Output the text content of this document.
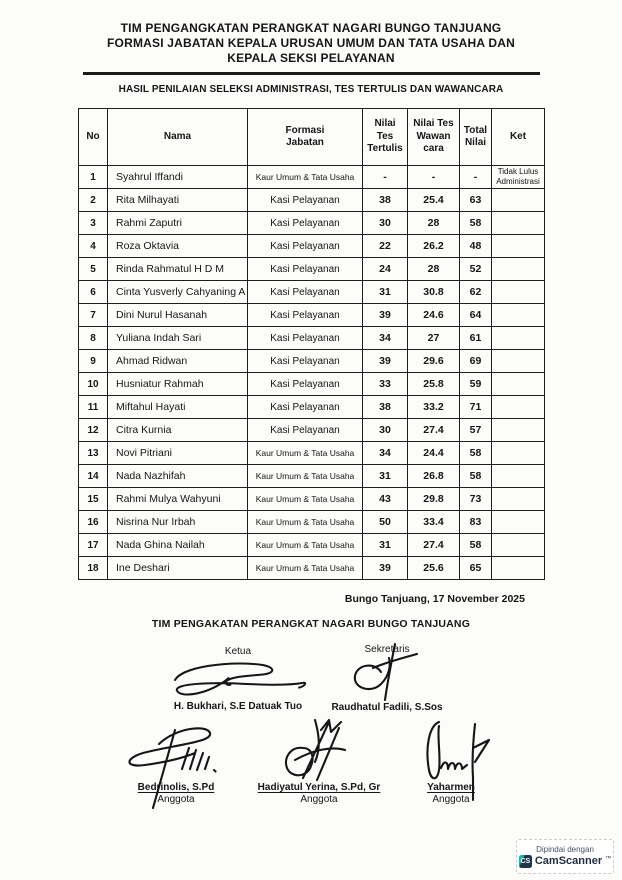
TIM PENGANGKATAN PERANGKAT NAGARI BUNGO TANJUANG
FORMASI JABATAN KEPALA URUSAN UMUM DAN TATA USAHA DAN
KEPALA SEKSI PELAYANAN
HASIL PENILAIAN SELEKSI ADMINISTRASI, TES TERTULIS DAN WAWANCARA
No	Nama	Formasi Jabatan	Nilai Tes Tertulis	Nilai Tes Wawan cara	Total Nilai	Ket
1	Syahrul Iffandi	Kaur Umum & Tata Usaha	-	-	-	Tidak Lulus Administrasi
2	Rita Milhayati	Kasi Pelayanan	38	25.4	63	
3	Rahmi Zaputri	Kasi Pelayanan	30	28	58	
4	Roza Oktavia	Kasi Pelayanan	22	26.2	48	
5	Rinda Rahmatul H D M	Kasi Pelayanan	24	28	52	
6	Cinta Yusverly Cahyaning A	Kasi Pelayanan	31	30.8	62	
7	Dini Nurul Hasanah	Kasi Pelayanan	39	24.6	64	
8	Yuliana Indah Sari	Kasi Pelayanan	34	27	61	
9	Ahmad Ridwan	Kasi Pelayanan	39	29.6	69	
10	Husniatur Rahmah	Kasi Pelayanan	33	25.8	59	
11	Miftahul Hayati	Kasi Pelayanan	38	33.2	71	
12	Citra Kurnia	Kasi Pelayanan	30	27.4	57	
13	Novi Pitriani	Kaur Umum & Tata Usaha	34	24.4	58	
14	Nada Nazhifah	Kaur Umum & Tata Usaha	31	26.8	58	
15	Rahmi Mulya Wahyuni	Kaur Umum & Tata Usaha	43	29.8	73	
16	Nisrina Nur Irbah	Kaur Umum & Tata Usaha	50	33.4	83	
17	Nada Ghina Nailah	Kaur Umum & Tata Usaha	31	27.4	58	
18	Ine Deshari	Kaur Umum & Tata Usaha	39	25.6	65	
Bungo Tanjuang, 17 November 2025
TIM PENGAKATAN PERANGKAT NAGARI BUNGO TANJUANG
Ketua
H. Bukhari, S.E Datuak Tuo
Sekretaris
Raudhatul Fadili, S.Sos
Bedrinolis, S.Pd
Anggota
Hadiyatul Yerina, S.Pd, Gr
Anggota
Yaharmen
Anggota
Dipindai dengan
CS CamScanner ™
